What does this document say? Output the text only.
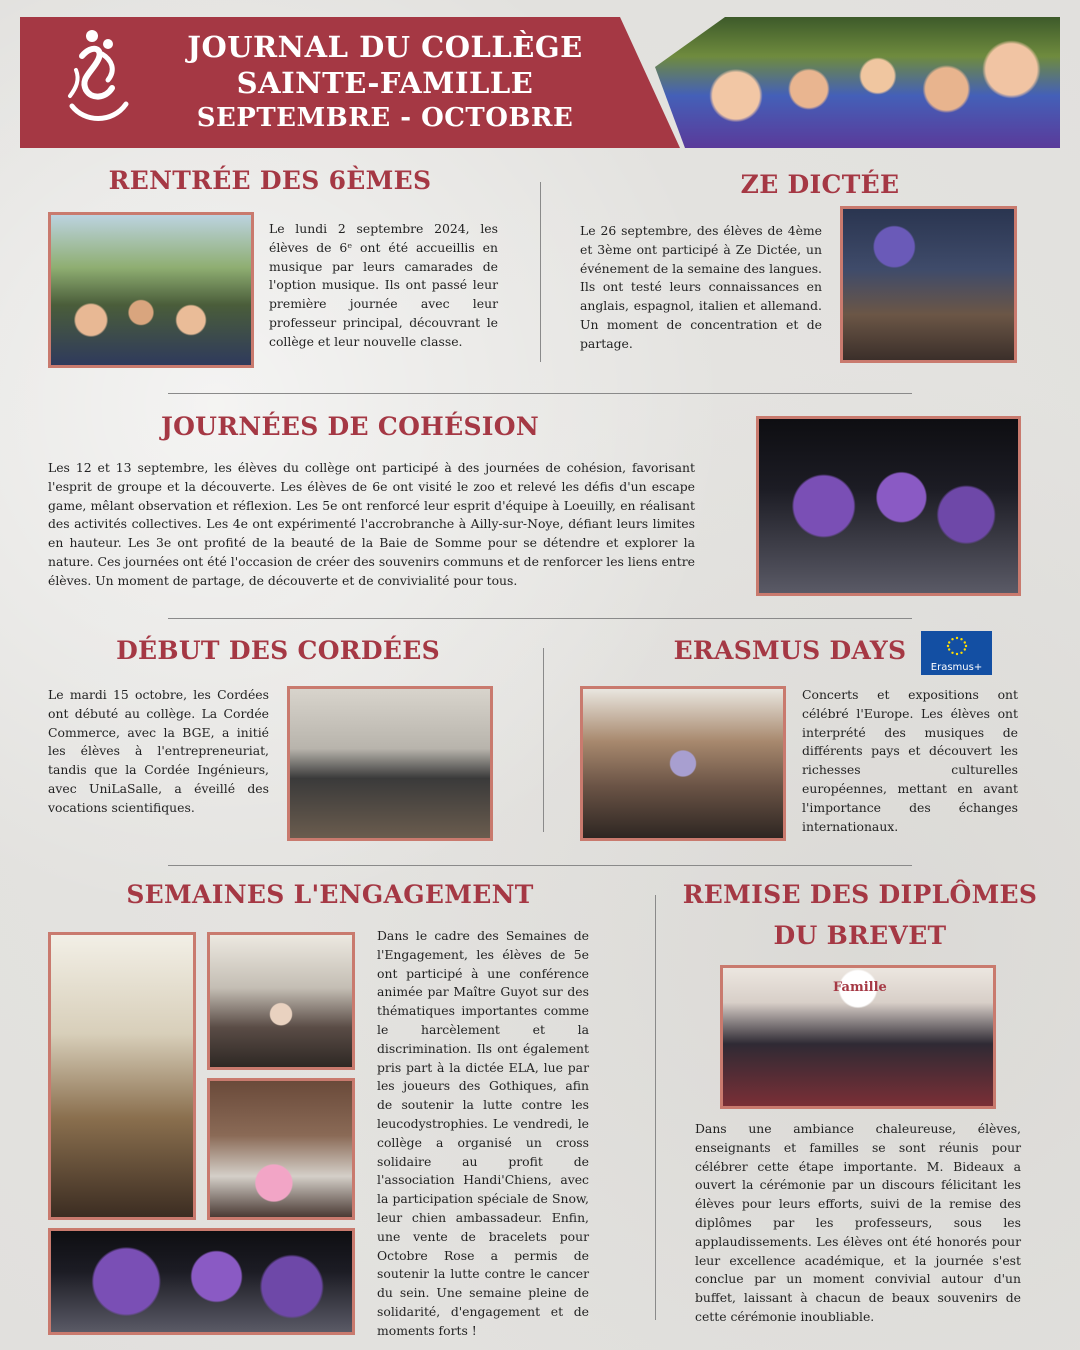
JOURNAL DU COLLÈGE
SAINTE-FAMILLE
SEPTEMBRE - OCTOBRE
RENTRÉE DES 6ÈMES
Le lundi 2 septembre 2024, les élèves de 6ᵉ ont été accueillis en musique par leurs camarades de l'option musique. Ils ont passé leur première journée avec leur professeur principal, découvrant le collège et leur nouvelle classe.
ZE DICTÉE
Le 26 septembre, des élèves de 4ème et 3ème ont participé à Ze Dictée, un événement de la semaine des langues. Ils ont testé leurs connaissances en anglais, espagnol, italien et allemand. Un moment de concentration et de partage.
JOURNÉES DE COHÉSION
Les 12 et 13 septembre, les élèves du collège ont participé à des journées de cohésion, favorisant l'esprit de groupe et la découverte. Les élèves de 6e ont visité le zoo et relevé les défis d'un escape game, mêlant observation et réflexion. Les 5e ont renforcé leur esprit d'équipe à Loeuilly, en réalisant des activités collectives. Les 4e ont expérimenté l'accrobranche à Ailly-sur-Noye, défiant leurs limites en hauteur. Les 3e ont profité de la beauté de la Baie de Somme pour se détendre et explorer la nature. Ces journées ont été l'occasion de créer des souvenirs communs et de renforcer les liens entre élèves. Un moment de partage, de découverte et de convivialité pour tous.
DÉBUT DES CORDÉES
Le mardi 15 octobre, les Cordées ont débuté au collège. La Cordée Commerce, avec la BGE, a initié les élèves à l'entrepreneuriat, tandis que la Cordée Ingénieurs, avec UniLaSalle, a éveillé des vocations scientifiques.
ERASMUS DAYS
Erasmus+
Concerts et expositions ont célébré l'Europe. Les élèves ont interprété des musiques de différents pays et découvert les richesses culturelles européennes, mettant en avant l'importance des échanges internationaux.
SEMAINES L'ENGAGEMENT
Dans le cadre des Semaines de l'Engagement, les élèves de 5e ont participé à une conférence animée par Maître Guyot sur des thématiques importantes comme le harcèlement et la discrimination. Ils ont également pris part à la dictée ELA, lue par les joueurs des Gothiques, afin de soutenir la lutte contre les leucodystrophies. Le vendredi, le collège a organisé un cross solidaire au profit de l'association Handi'Chiens, avec la participation spéciale de Snow, leur chien ambassadeur. Enfin, une vente de bracelets pour Octobre Rose a permis de soutenir la lutte contre le cancer du sein. Une semaine pleine de solidarité, d'engagement et de moments forts !
REMISE DES DIPLÔMES
DU BREVET
Famille
Dans une ambiance chaleureuse, élèves, enseignants et familles se sont réunis pour célébrer cette étape importante. M. Bideaux a ouvert la cérémonie par un discours félicitant les élèves pour leurs efforts, suivi de la remise des diplômes par les professeurs, sous les applaudissements. Les élèves ont été honorés pour leur excellence académique, et la journée s'est conclue par un moment convivial autour d'un buffet, laissant à chacun de beaux souvenirs de cette cérémonie inoubliable.
